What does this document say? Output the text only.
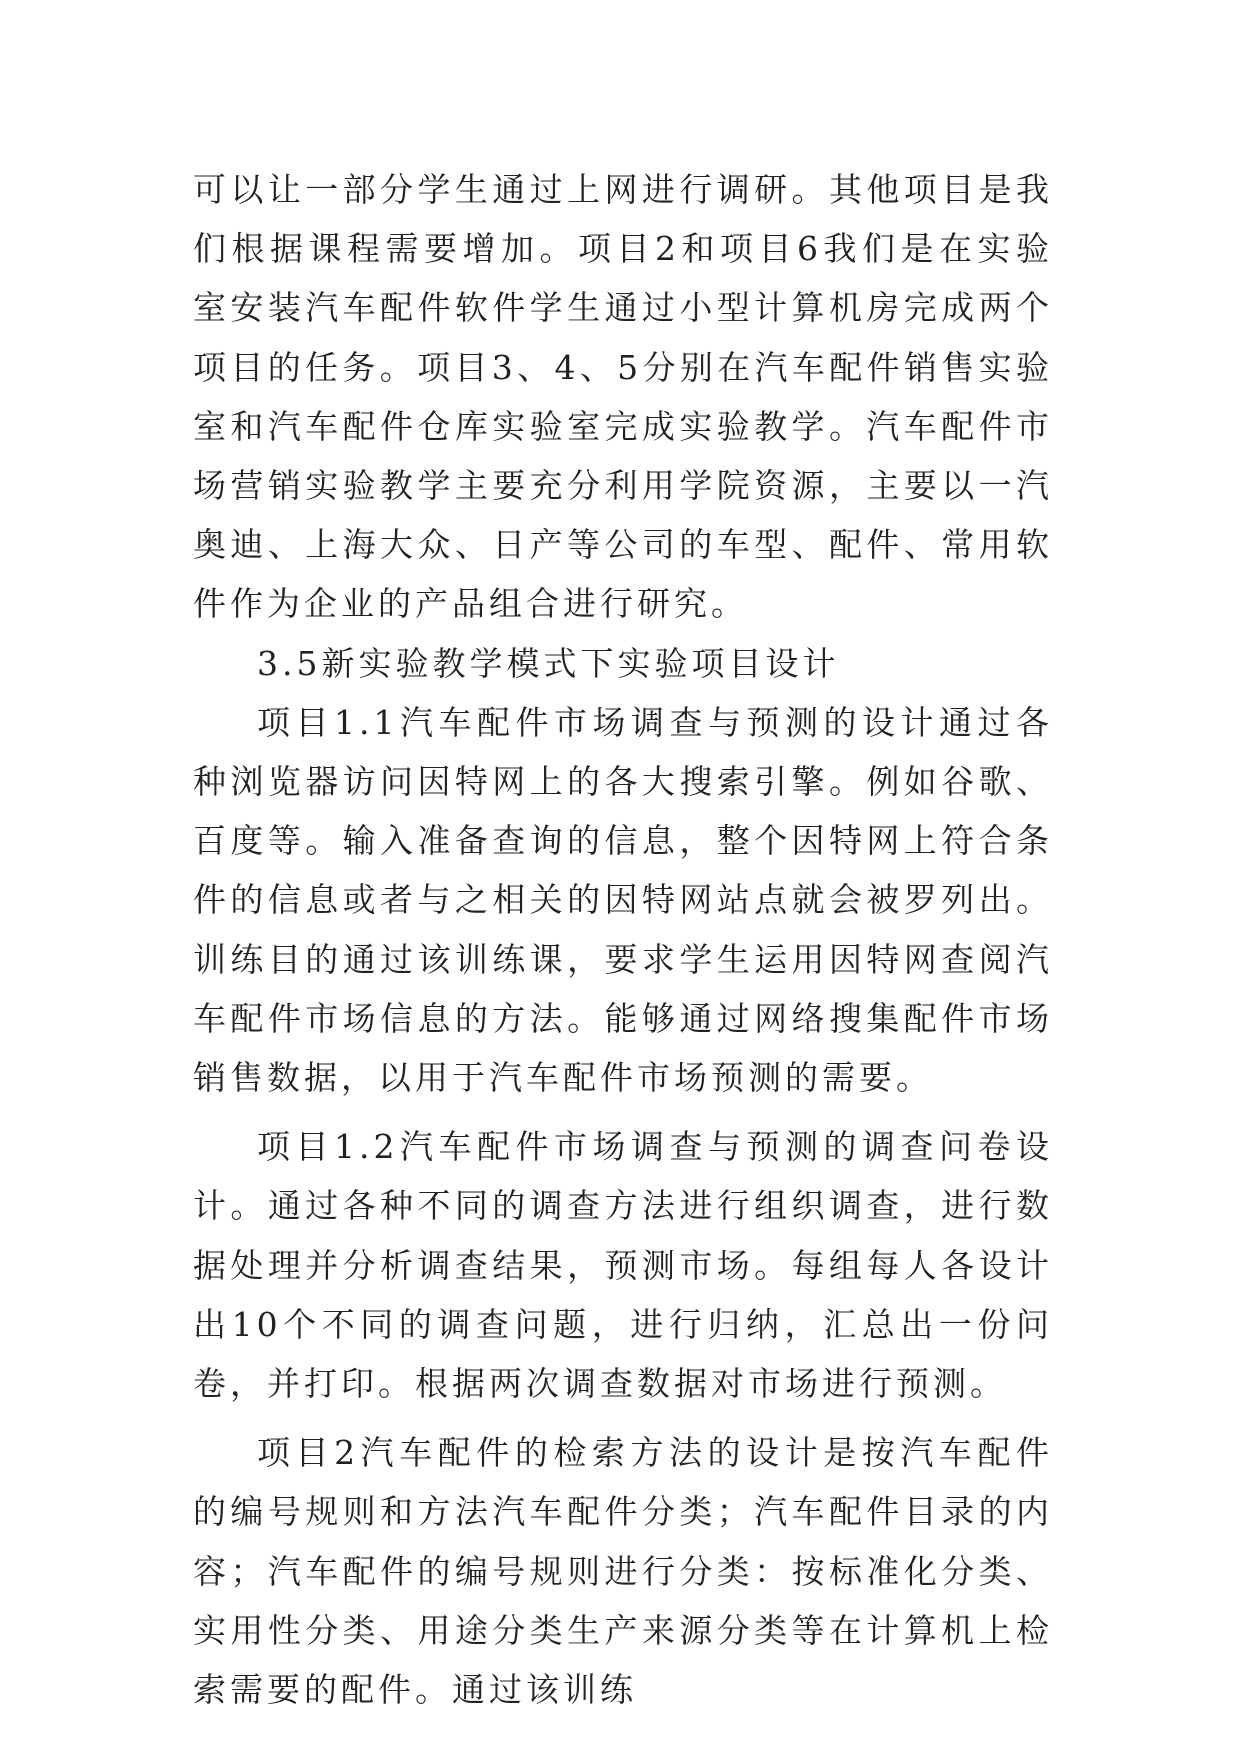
可以让一部分学生通过上网进行调研。其他项目是我们根据课程需要增加。项目2和项目6我们是在实验室安装汽车配件软件学生通过小型计算机房完成两个项目的任务。项目3、4、5分别在汽车配件销售实验室和汽车配件仓库实验室完成实验教学。汽车配件市场营销实验教学主要充分利用学院资源，主要以一汽奥迪、上海大众、日产等公司的车型、配件、常用软件作为企业的产品组合进行研究。

3.5新实验教学模式下实验项目设计

项目1.1汽车配件市场调查与预测的设计通过各种浏览器访问因特网上的各大搜索引擎。例如谷歌、百度等。输入准备查询的信息，整个因特网上符合条件的信息或者与之相关的因特网站点就会被罗列出。训练目的通过该训练课，要求学生运用因特网查阅汽车配件市场信息的方法。能够通过网络搜集配件市场销售数据，以用于汽车配件市场预测的需要。

项目1.2汽车配件市场调查与预测的调查问卷设计。通过各种不同的调查方法进行组织调查，进行数据处理并分析调查结果，预测市场。每组每人各设计出10个不同的调查问题，进行归纳，汇总出一份问卷，并打印。根据两次调查数据对市场进行预测。

项目2汽车配件的检索方法的设计是按汽车配件的编号规则和方法汽车配件分类；汽车配件目录的内容；汽车配件的编号规则进行分类：按标准化分类、实用性分类、用途分类生产来源分类等在计算机上检索需要的配件。通过该训练
